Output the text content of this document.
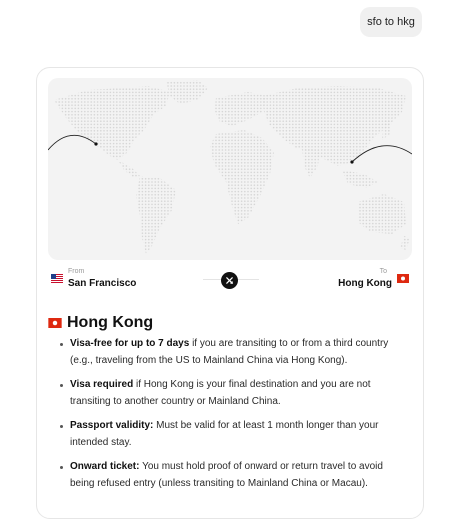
sfo to hkg
From
San Francisco
To
Hong Kong
Hong Kong
Visa-free for up to 7 days if you are transiting to or from a third country (e.g., traveling from the US to Mainland China via Hong Kong).
Visa required if Hong Kong is your final destination and you are not transiting to another country or Mainland China.
Passport validity: Must be valid for at least 1 month longer than your intended stay.
Onward ticket: You must hold proof of onward or return travel to avoid being refused entry (unless transiting to Mainland China or Macau).
